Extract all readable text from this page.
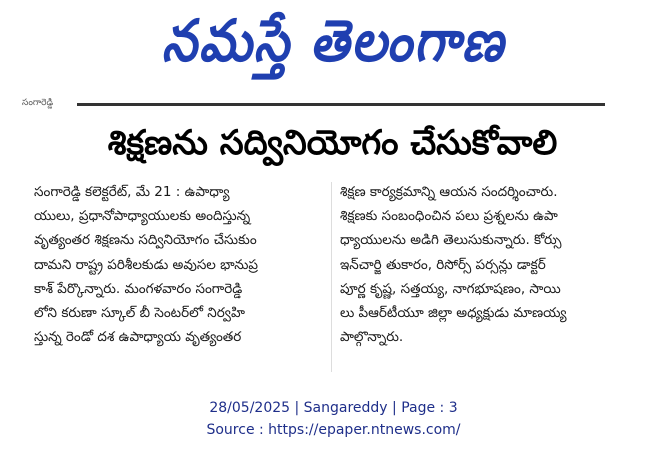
నమస్తే తెలంగాణ
సంగారెడ్డి
శిక్షణను సద్వినియోగం చేసుకోవాలి
సంగారెడ్డి కలెక్టరేట్, మే 21 : ఉపాధ్యా
యులు, ప్రధానోపాధ్యాయులకు అందిస్తున్న
వృత్యంతర శిక్షణను సద్వినియోగం చేసుకుం
దామని రాష్ట్ర పరిశీలకుడు అవుసల భానుప్ర
కాశ్ పేర్కొన్నారు. మంగళవారం సంగారెడ్డి
లోని కరుణా స్కూల్ బీ సెంటర్‌లో నిర్వహి
స్తున్న రెండో దశ ఉపాధ్యాయ వృత్యంతర
శిక్షణ కార్యక్రమాన్ని ఆయన సందర్శించారు.
శిక్షణకు సంబంధించిన పలు ప్రశ్నలను ఉపా
ధ్యాయులను అడిగి తెలుసుకున్నారు. కోర్సు
ఇన్‌చార్జి తుకారం, రిసోర్స్ పర్సన్లు డాక్టర్
పూర్ణ కృష్ణ, సత్తయ్య, నాగభూషణం, సాయి
లు పీఆర్‌టీయూ జిల్లా అధ్యక్షుడు మాణయ్య
పాల్గొన్నారు.
28/05/2025 | Sangareddy | Page : 3
Source : https://epaper.ntnews.com/
